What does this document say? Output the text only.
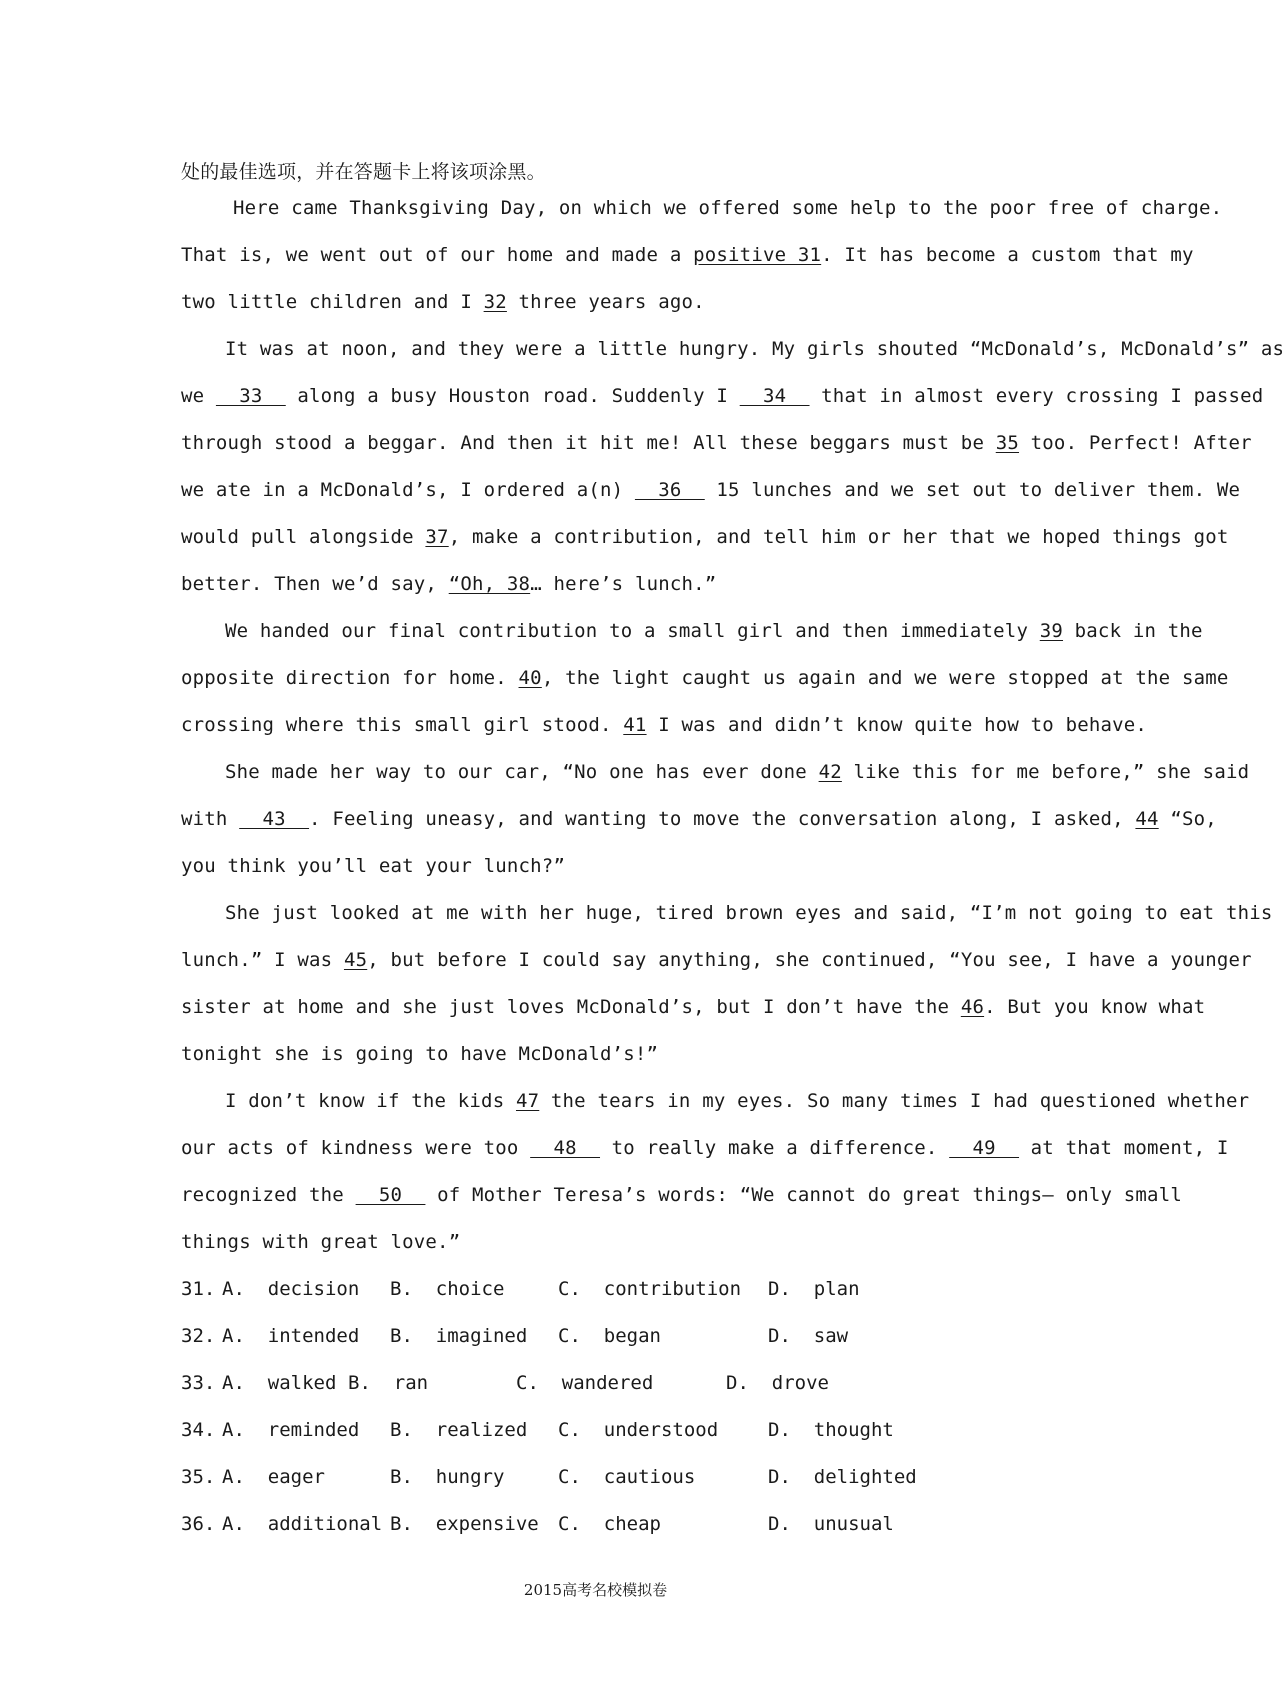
处的最佳选项，并在答题卡上将该项涂黑。
Here came Thanksgiving Day, on which we offered some help to the poor free of charge.
That is, we went out of our home and made a positive 31. It has become a custom that my
two little children and I 32 three years ago.
It was at noon, and they were a little hungry. My girls shouted “McDonald’s, McDonald’s” as
we   33   along a busy Houston road. Suddenly I   34   that in almost every crossing I passed
through stood a beggar. And then it hit me! All these beggars must be 35 too. Perfect! After
we ate in a McDonald’s, I ordered a(n)   36   15 lunches and we set out to deliver them. We
would pull alongside 37, make a contribution, and tell him or her that we hoped things got
better. Then we’d say, “Oh, 38… here’s lunch.”
We handed our final contribution to a small girl and then immediately 39 back in the
opposite direction for home. 40, the light caught us again and we were stopped at the same
crossing where this small girl stood. 41 I was and didn’t know quite how to behave.
She made her way to our car, “No one has ever done 42 like this for me before,” she said
with   43  . Feeling uneasy, and wanting to move the conversation along, I asked, 44 “So,
you think you’ll eat your lunch?”
She just looked at me with her huge, tired brown eyes and said, “I’m not going to eat this
lunch.” I was 45, but before I could say anything, she continued, “You see, I have a younger
sister at home and she just loves McDonald’s, but I don’t have the 46. But you know what
tonight she is going to have McDonald’s!”
I don’t know if the kids 47 the tears in my eyes. So many times I had questioned whether
our acts of kindness were too   48   to really make a difference.   49   at that moment, I
recognized the   50   of Mother Teresa’s words: “We cannot do great things— only small
things with great love.”
31. A.  decision B.  choice	C.  contribution D.  plan
32. A.  intended B.  imagined C.  began	D.  saw
33. A.  walked B.  ran	C.  wandered	D.  drove
34. A.  reminded B.  realized C.  understood	D.  thought
35. A.  eager	B.  hungry	C.  cautious	D.  delighted
36. A.  additional B.  expensive C.  cheap	D.  unusual
2015高考名校模拟卷
